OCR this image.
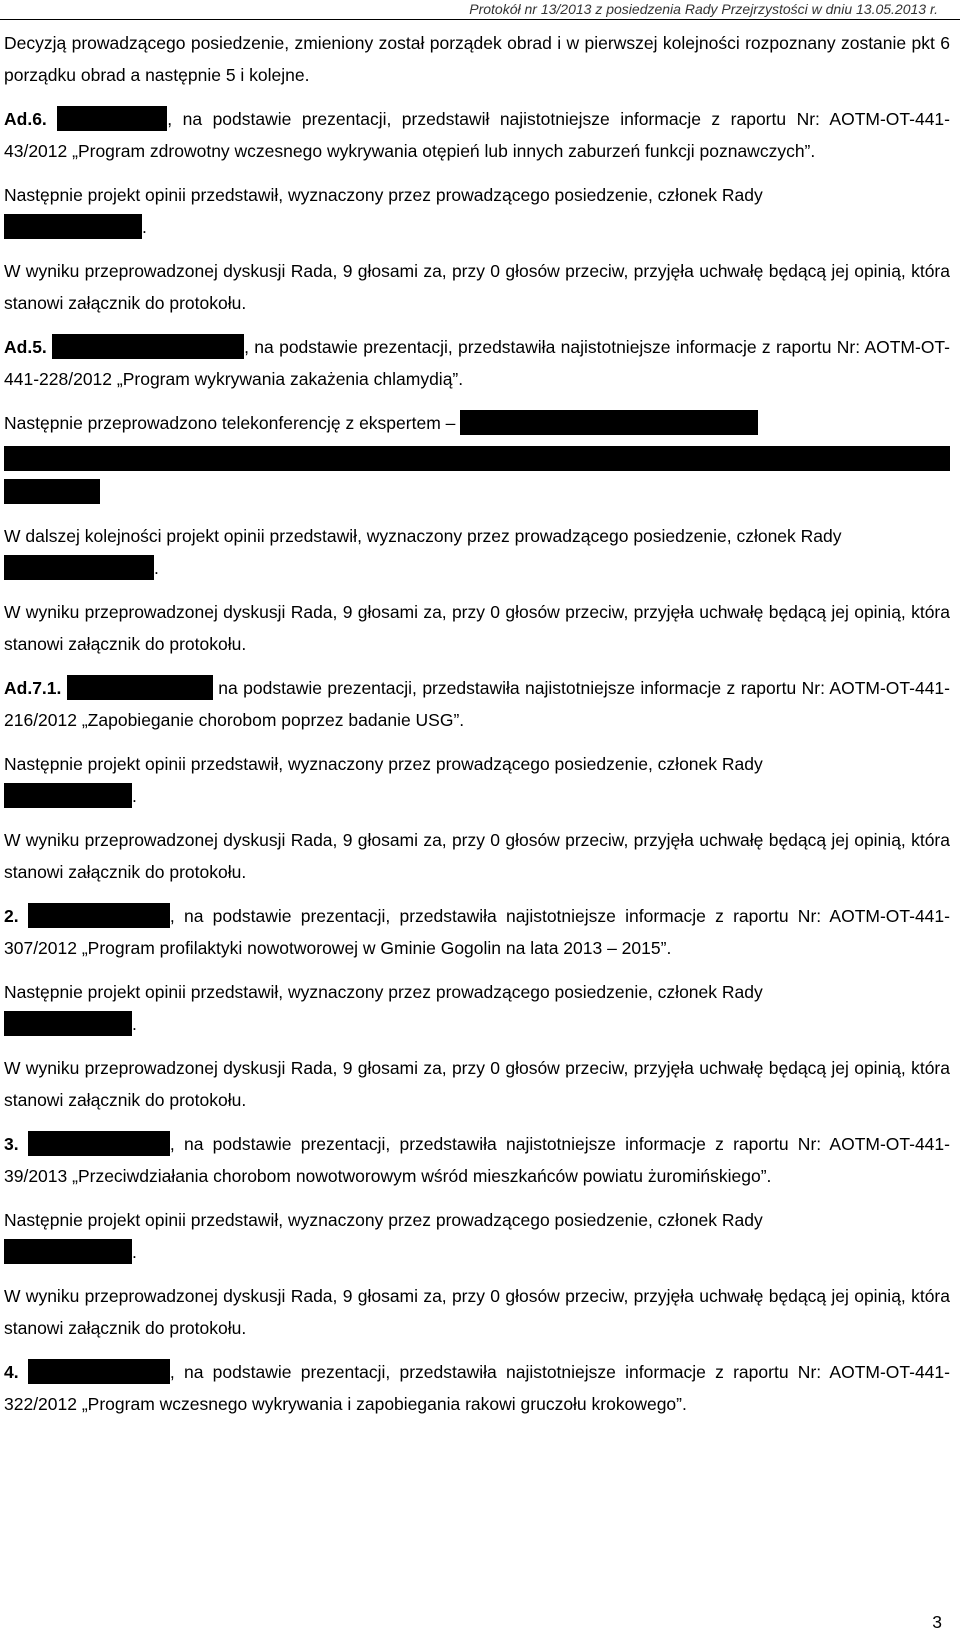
Protokół nr 13/2013 z posiedzenia Rady Przejrzystości w dniu 13.05.2013 r.

Decyzją prowadzącego posiedzenie, zmieniony został porządek obrad i w pierwszej kolejności rozpoznany zostanie pkt 6 porządku obrad a następnie 5 i kolejne.

Ad.6.	, na podstawie prezentacji, przedstawił najistotniejsze informacje z raportu Nr: AOTM-OT-441-43/2012 „Program zdrowotny wczesnego wykrywania otępień lub innych zaburzeń funkcji poznawczych”.

Następnie projekt opinii przedstawił, wyznaczony przez prowadzącego posiedzenie, członek Rady
.

W wyniku przeprowadzonej dyskusji Rada, 9 głosami za, przy 0 głosów przeciw, przyjęła uchwałę będącą jej opinią, która stanowi załącznik do protokołu.

Ad.5.	, na podstawie prezentacji, przedstawiła najistotniejsze informacje z raportu Nr: AOTM-OT-441-228/2012 „Program wykrywania zakażenia chlamydią”.

Następnie przeprowadzono telekonferencję z ekspertem –

W dalszej kolejności projekt opinii przedstawił, wyznaczony przez prowadzącego posiedzenie, członek Rady .

W wyniku przeprowadzonej dyskusji Rada, 9 głosami za, przy 0 głosów przeciw, przyjęła uchwałę będącą jej opinią, która stanowi załącznik do protokołu.

Ad.7.1.	na podstawie prezentacji, przedstawiła najistotniejsze informacje z raportu Nr: AOTM-OT-441-216/2012 „Zapobieganie chorobom poprzez badanie USG”.

Następnie projekt opinii przedstawił, wyznaczony przez prowadzącego posiedzenie, członek Rady
.

W wyniku przeprowadzonej dyskusji Rada, 9 głosami za, przy 0 głosów przeciw, przyjęła uchwałę będącą jej opinią, która stanowi załącznik do protokołu.

2.	, na podstawie prezentacji, przedstawiła najistotniejsze informacje z raportu Nr: AOTM-OT-441-307/2012 „Program profilaktyki nowotworowej w Gminie Gogolin na lata 2013 – 2015”.

Następnie projekt opinii przedstawił, wyznaczony przez prowadzącego posiedzenie, członek Rady
.

W wyniku przeprowadzonej dyskusji Rada, 9 głosami za, przy 0 głosów przeciw, przyjęła uchwałę będącą jej opinią, która stanowi załącznik do protokołu.

3.	, na podstawie prezentacji, przedstawiła najistotniejsze informacje z raportu Nr: AOTM-OT-441-39/2013 „Przeciwdziałania chorobom nowotworowym wśród mieszkańców powiatu żuromińskiego”.

Następnie projekt opinii przedstawił, wyznaczony przez prowadzącego posiedzenie, członek Rady
.

W wyniku przeprowadzonej dyskusji Rada, 9 głosami za, przy 0 głosów przeciw, przyjęła uchwałę będącą jej opinią, która stanowi załącznik do protokołu.

4.	, na podstawie prezentacji, przedstawiła najistotniejsze informacje z raportu Nr: AOTM-OT-441-322/2012 „Program wczesnego wykrywania i zapobiegania rakowi gruczołu krokowego”.

3
